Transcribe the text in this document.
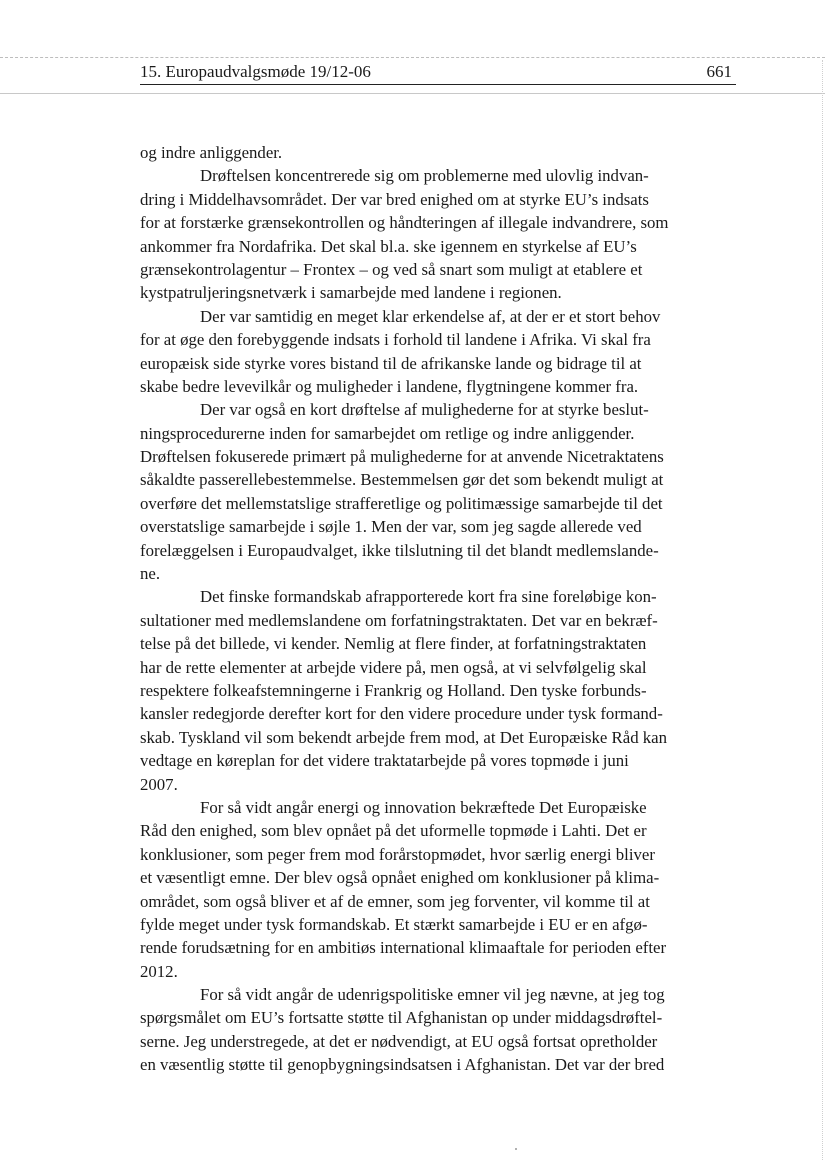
15. Europaudvalgsmøde 19/12-06	661
og indre anliggender.
Drøftelsen koncentrerede sig om problemerne med ulovlig indvan-
dring i Middelhavsområdet. Der var bred enighed om at styrke EU’s indsats
for at forstærke grænsekontrollen og håndteringen af illegale indvandrere, som
ankommer fra Nordafrika. Det skal bl.a. ske igennem en styrkelse af EU’s
grænsekontrolagentur – Frontex – og ved så snart som muligt at etablere et
kystpatruljeringsnetværk i samarbejde med landene i regionen.
Der var samtidig en meget klar erkendelse af, at der er et stort behov
for at øge den forebyggende indsats i forhold til landene i Afrika. Vi skal fra
europæisk side styrke vores bistand til de afrikanske lande og bidrage til at
skabe bedre levevilkår og muligheder i landene, flygtningene kommer fra.
Der var også en kort drøftelse af mulighederne for at styrke beslut-
ningsprocedurerne inden for samarbejdet om retlige og indre anliggender.
Drøftelsen fokuserede primært på mulighederne for at anvende Nicetraktatens
såkaldte passerellebestemmelse. Bestemmelsen gør det som bekendt muligt at
overføre det mellemstatslige strafferetlige og politimæssige samarbejde til det
overstatslige samarbejde i søjle 1. Men der var, som jeg sagde allerede ved
forelæggelsen i Europaudvalget, ikke tilslutning til det blandt medlemslande-
ne.
Det finske formandskab afrapporterede kort fra sine foreløbige kon-
sultationer med medlemslandene om forfatningstraktaten. Det var en bekræf-
telse på det billede, vi kender. Nemlig at flere finder, at forfatningstraktaten
har de rette elementer at arbejde videre på, men også, at vi selvfølgelig skal
respektere folkeafstemningerne i Frankrig og Holland. Den tyske forbunds-
kansler redegjorde derefter kort for den videre procedure under tysk formand-
skab. Tyskland vil som bekendt arbejde frem mod, at Det Europæiske Råd kan
vedtage en køreplan for det videre traktatarbejde på vores topmøde i juni
2007.
For så vidt angår energi og innovation bekræftede Det Europæiske
Råd den enighed, som blev opnået på det uformelle topmøde i Lahti. Det er
konklusioner, som peger frem mod forårstopmødet, hvor særlig energi bliver
et væsentligt emne. Der blev også opnået enighed om konklusioner på klima-
området, som også bliver et af de emner, som jeg forventer, vil komme til at
fylde meget under tysk formandskab. Et stærkt samarbejde i EU er en afgø-
rende forudsætning for en ambitiøs international klimaaftale for perioden efter
2012.
For så vidt angår de udenrigspolitiske emner vil jeg nævne, at jeg tog
spørgsmålet om EU’s fortsatte støtte til Afghanistan op under middagsdrøftel-
serne. Jeg understregede, at det er nødvendigt, at EU også fortsat opretholder
en væsentlig støtte til genopbygningsindsatsen i Afghanistan. Det var der bred
